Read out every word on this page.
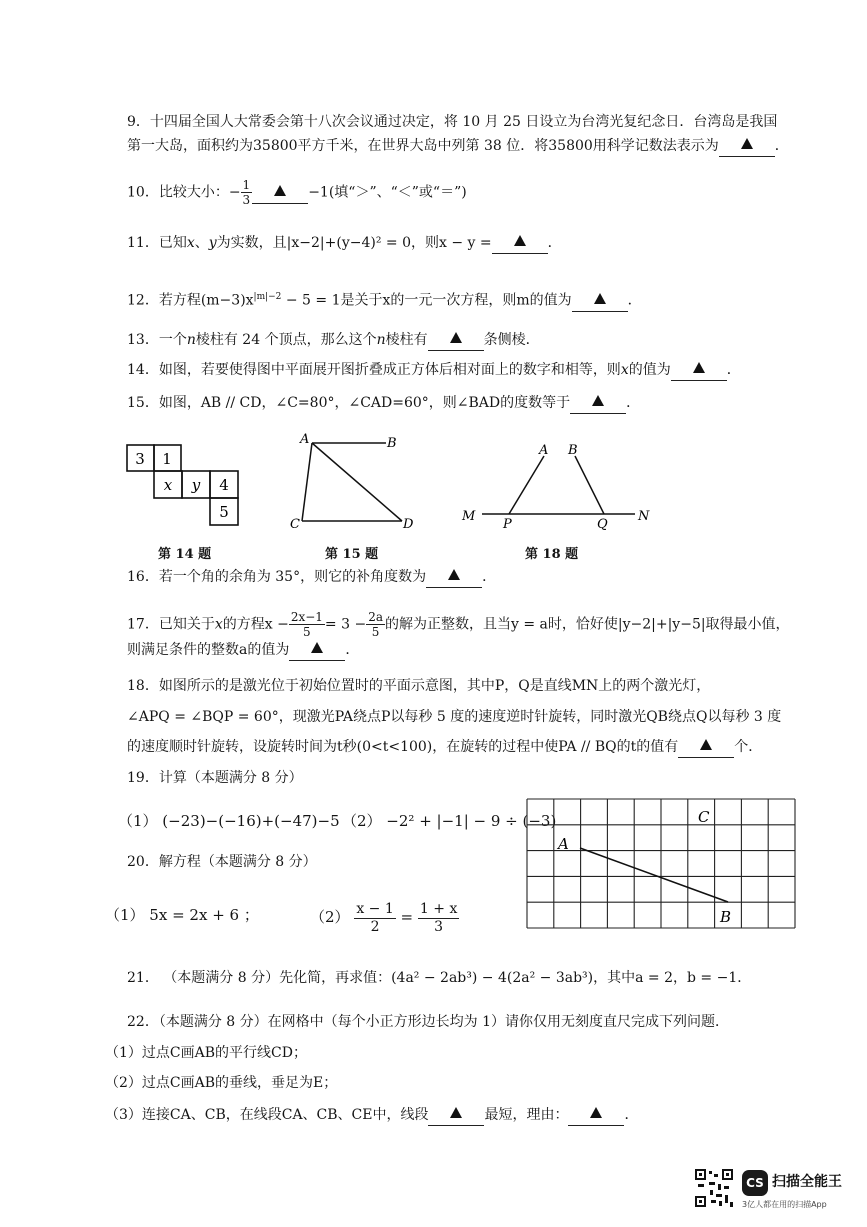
9．十四届全国人大常委会第十八次会议通过决定，将 10 月 25 日设立为台湾光复纪念日．台湾岛是我国
第一大岛，面积约为35800平方千米，在世界大岛中列第 38 位．将35800用科学记数法表示为	．
10．比较大小：− $\frac{1}{3}$	−1(填“＞”、“＜”或“＝”)
11．已知x、y为实数，且|x−2|+(y−4)² = 0，则x − y =	．
12．若方程$(m-3)x^{|m|-2} - 5 = 1$是关于x的一元一次方程，则m的值为	．
13．一个n棱柱有 24 个顶点，那么这个n棱柱有	条侧棱．
14．如图，若要使得图中平面展开图折叠成正方体后相对面上的数字和相等，则x的值为	．
15．如图，AB // CD，∠C=80°，∠CAD=60°，则∠BAD的度数等于	．
3 1
x y 4
5
第 14 题
A	B
C	D
第 15 题
A B
M
P	Q
N
第 18 题
16．若一个角的余角为 35°，则它的补角度数为	．
17．已知关于x的方程$x - \frac{2x-1}{5} = 3 - \frac{2a}{5}$ 的解为正整数，且当y = a时，恰好使|y−2|+|y−5|取得最小值，
则满足条件的整数a的值为	．
18．如图所示的是激光位于初始位置时的平面示意图，其中P，Q是直线MN上的两个激光灯，
∠APQ = ∠BQP = 60°，现激光PA绕点P以每秒 5 度的速度逆时针旋转，同时激光QB绕点Q以每秒 3 度
的速度顺时针旋转，设旋转时间为t秒(0<t<100)，在旋转的过程中使PA // BQ的t的值有	个．
19．计算（本题满分 8 分）
（1） (−23)−(−16)+(−47)−5 （2） −2² + |−1| − 9 ÷ (−3)
20．解方程（本题满分 8 分）
（1） 5x = 2x + 6 ；	$(2) \frac{x - 1}{2} = \frac{1 + x}{3}$
A
B
C
21． （本题满分 8 分）先化简，再求值：(4a² − 2ab³) − 4(2a² − 3ab³)，其中a = 2，b = −1．
22．（本题满分 8 分）在网格中（每个小正方形边长均为 1）请你仅用无刻度直尺完成下列问题．
（1）过点C画AB的平行线CD；
（2）过点C画AB的垂线，垂足为E；
（3）连接CA、CB，在线段CA、CB、CE中，线段	最短，理由：	．
CS 扫描全能王
3亿人都在用的扫描App
